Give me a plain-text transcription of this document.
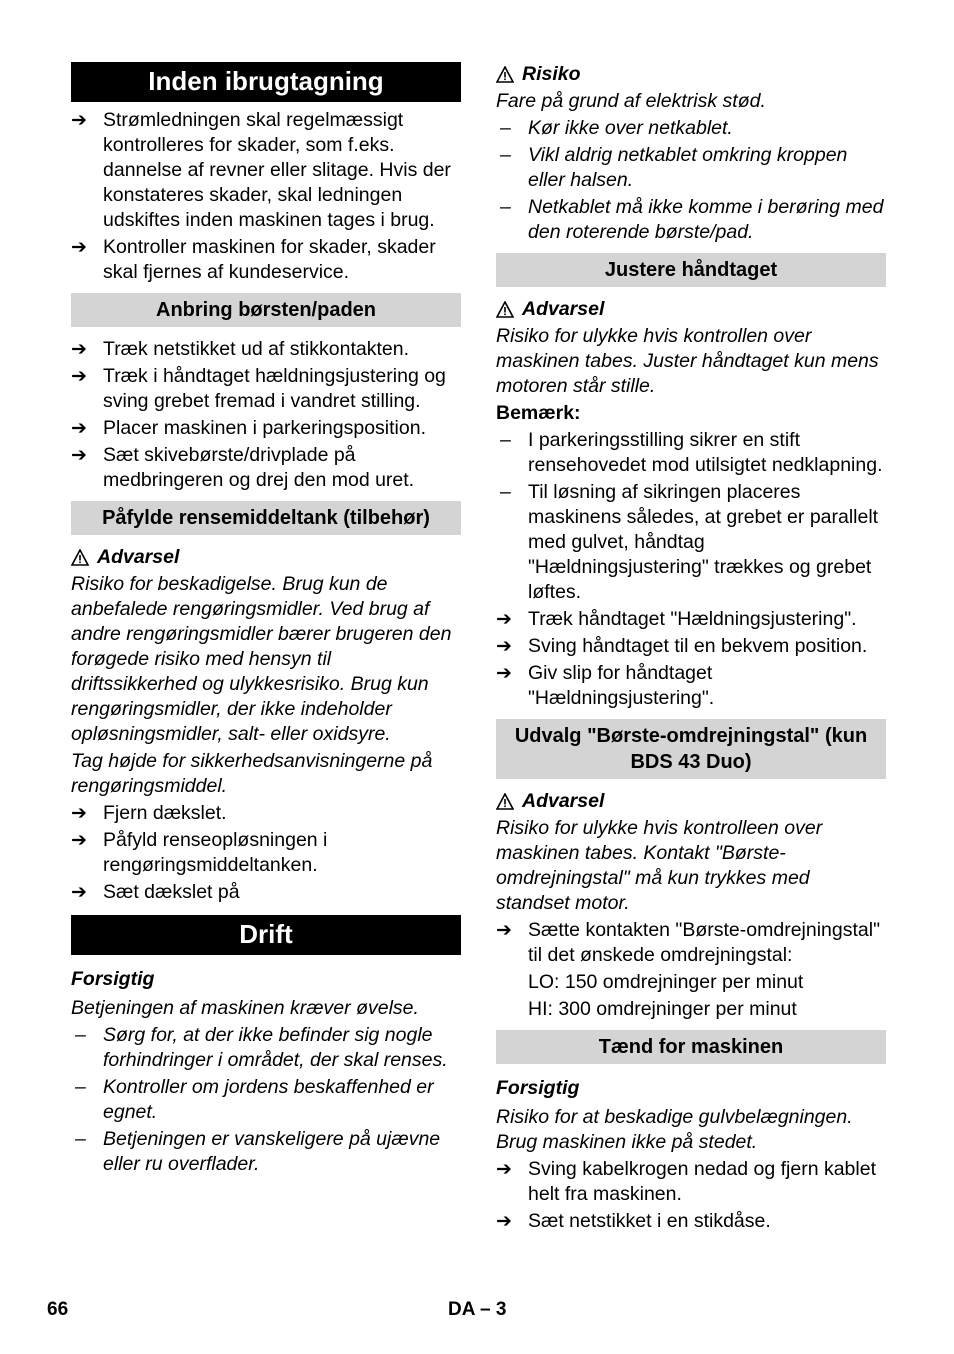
Inden ibrugtagning
➔ Strømledningen skal regelmæssigt kontrolleres for skader, som f.eks. dannelse af revner eller slitage. Hvis der konstateres skader, skal ledningen udskiftes inden maskinen tages i brug.
➔ Kontroller maskinen for skader, skader skal fjernes af kundeservice.
Anbring børsten/paden
➔ Træk netstikket ud af stikkontakten.
➔ Træk i håndtaget hældningsjustering og sving grebet fremad i vandret stilling.
➔ Placer maskinen i parkeringsposition.
➔ Sæt skivebørste/drivplade på medbringeren og drej den mod uret.
Påfylde rensemiddeltank (tilbehør)
Advarsel
Risiko for beskadigelse. Brug kun de anbefalede rengøringsmidler. Ved brug af andre rengøringsmidler bærer brugeren den forøgede risiko med hensyn til driftssikkerhed og ulykkesrisiko. Brug kun rengøringsmidler, der ikke indeholder opløsningsmidler, salt- eller oxidsyre.
Tag højde for sikkerhedsanvisningerne på rengøringsmiddel.
➔ Fjern dækslet.
➔ Påfyld renseopløsningen i rengøringsmiddeltanken.
➔ Sæt dækslet på
Drift
Forsigtig
Betjeningen af maskinen kræver øvelse.
– Sørg for, at der ikke befinder sig nogle forhindringer i området, der skal renses.
– Kontroller om jordens beskaffenhed er egnet.
– Betjeningen er vanskeligere på ujævne eller ru overflader.
Risiko
Fare på grund af elektrisk stød.
– Kør ikke over netkablet.
– Vikl aldrig netkablet omkring kroppen eller halsen.
– Netkablet må ikke komme i berøring med den roterende børste/pad.
Justere håndtaget
Advarsel
Risiko for ulykke hvis kontrollen over maskinen tabes. Juster håndtaget kun mens motoren står stille.
Bemærk:
– I parkeringsstilling sikrer en stift rensehovedet mod utilsigtet nedklapning.
– Til løsning af sikringen placeres maskinens således, at grebet er parallelt med gulvet, håndtag "Hældningsjustering" trækkes og grebet løftes.
➔ Træk håndtaget "Hældningsjustering".
➔ Sving håndtaget til en bekvem position.
➔ Giv slip for håndtaget "Hældningsjustering".
Udvalg "Børste-omdrejningstal" (kun BDS 43 Duo)
Advarsel
Risiko for ulykke hvis kontrolleen over maskinen tabes. Kontakt "Børste-omdrejningstal" må kun trykkes med standset motor.
➔ Sætte kontakten "Børste-omdrejningstal" til det ønskede omdrejningstal:
LO: 150 omdrejninger per minut
HI: 300 omdrejninger per minut
Tænd for maskinen
Forsigtig
Risiko for at beskadige gulvbelægningen. Brug maskinen ikke på stedet.
➔ Sving kabelkrogen nedad og fjern kablet helt fra maskinen.
➔ Sæt netstikket i en stikdåse.
66	DA – 3
